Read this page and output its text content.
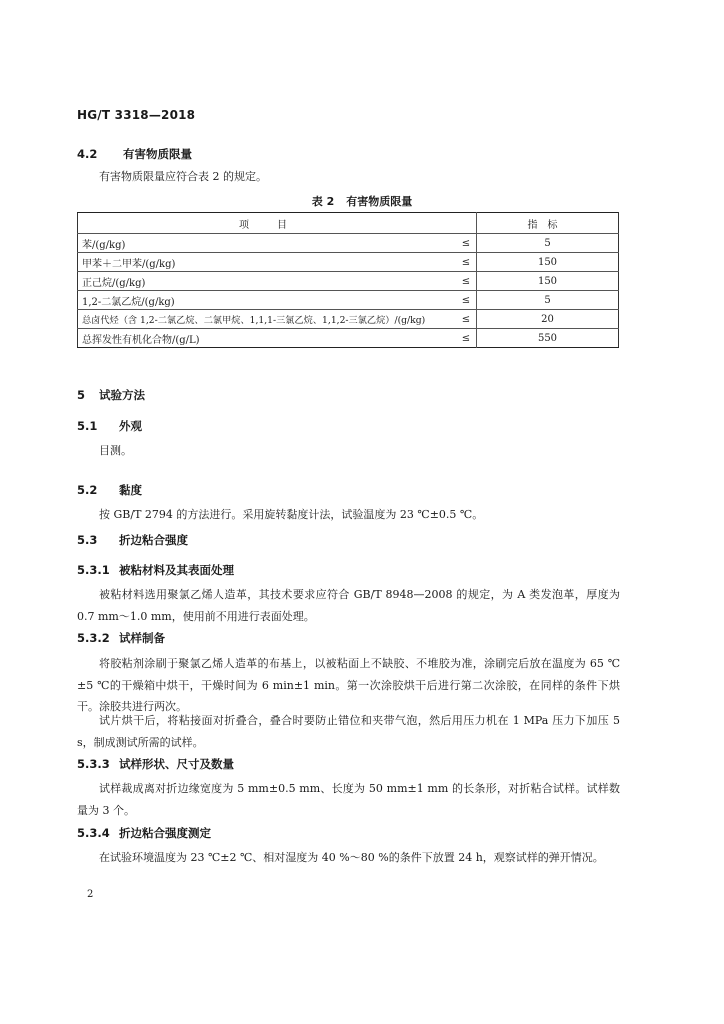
HG/T 3318—2018
4.2 有害物质限量
有害物质限量应符合表 2 的规定。
表 2 有害物质限量
项目		指标
苯/(g/kg)	≤	5
甲苯＋二甲苯/(g/kg)	≤	150
正己烷/(g/kg)	≤	150
1,2-二氯乙烷/(g/kg)	≤	5
总卤代烃（含 1,2-二氯乙烷、二氯甲烷、1,1,1-三氯乙烷、1,1,2-三氯乙烷）/(g/kg)	≤	20
总挥发性有机化合物/(g/L)	≤	550
5 试验方法
5.1 外观
目测。
5.2 黏度
按 GB/T 2794 的方法进行。采用旋转黏度计法，试验温度为 23 ℃±0.5 ℃。
5.3 折边粘合强度
5.3.1 被粘材料及其表面处理
被粘材料选用聚氯乙烯人造革，其技术要求应符合 GB/T 8948—2008 的规定，为 A 类发泡革，厚度为 0.7 mm～1.0 mm，使用前不用进行表面处理。
5.3.2 试样制备
将胶粘剂涂刷于聚氯乙烯人造革的布基上，以被粘面上不缺胶、不堆胶为准，涂刷完后放在温度为 65 ℃±5 ℃的干燥箱中烘干，干燥时间为 6 min±1 min。第一次涂胶烘干后进行第二次涂胶，在同样的条件下烘干。涂胶共进行两次。
试片烘干后，将粘接面对折叠合，叠合时要防止错位和夹带气泡，然后用压力机在 1 MPa 压力下加压 5 s，制成测试所需的试样。
5.3.3 试样形状、尺寸及数量
试样裁成离对折边缘宽度为 5 mm±0.5 mm、长度为 50 mm±1 mm 的长条形，对折粘合试样。试样数量为 3 个。
5.3.4 折边粘合强度测定
在试验环境温度为 23 ℃±2 ℃、相对湿度为 40 %～80 %的条件下放置 24 h，观察试样的弹开情况。
2
